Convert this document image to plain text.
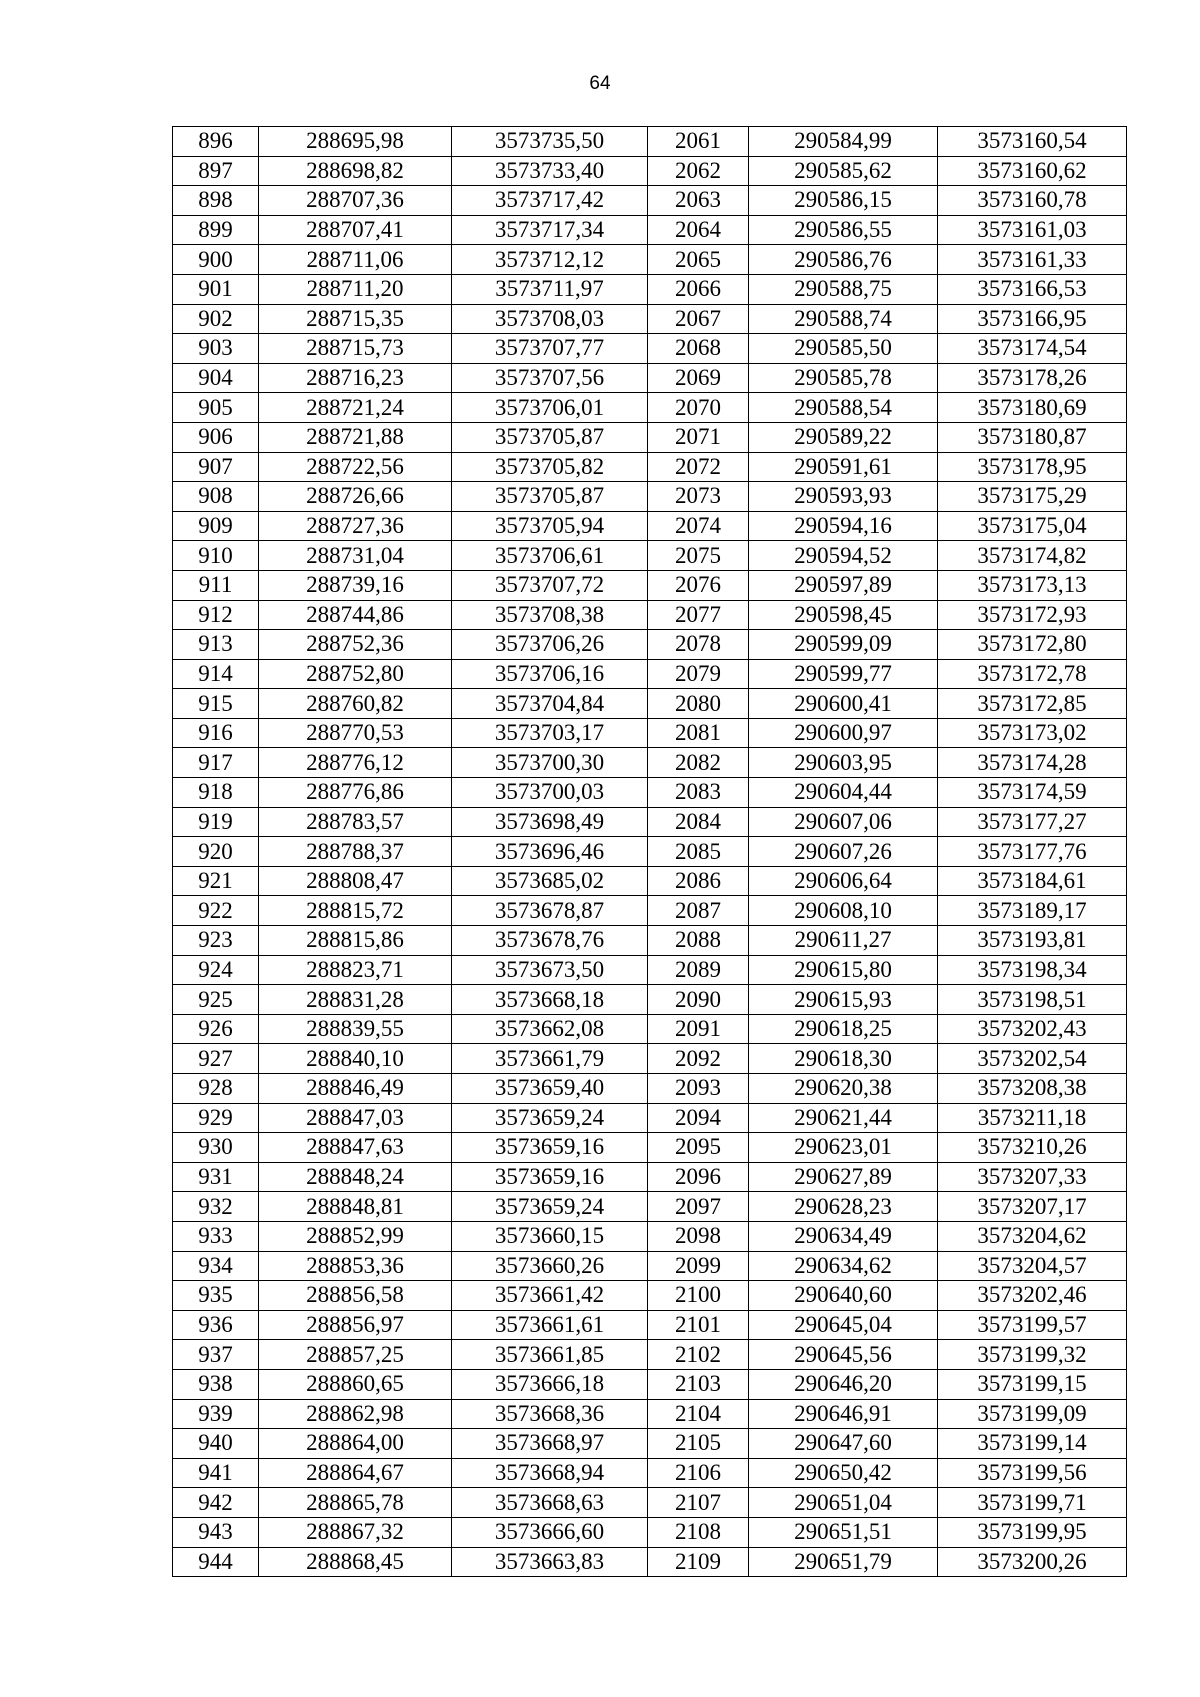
64
896	288695,98	3573735,50	2061	290584,99	3573160,54
897	288698,82	3573733,40	2062	290585,62	3573160,62
898	288707,36	3573717,42	2063	290586,15	3573160,78
899	288707,41	3573717,34	2064	290586,55	3573161,03
900	288711,06	3573712,12	2065	290586,76	3573161,33
901	288711,20	3573711,97	2066	290588,75	3573166,53
902	288715,35	3573708,03	2067	290588,74	3573166,95
903	288715,73	3573707,77	2068	290585,50	3573174,54
904	288716,23	3573707,56	2069	290585,78	3573178,26
905	288721,24	3573706,01	2070	290588,54	3573180,69
906	288721,88	3573705,87	2071	290589,22	3573180,87
907	288722,56	3573705,82	2072	290591,61	3573178,95
908	288726,66	3573705,87	2073	290593,93	3573175,29
909	288727,36	3573705,94	2074	290594,16	3573175,04
910	288731,04	3573706,61	2075	290594,52	3573174,82
911	288739,16	3573707,72	2076	290597,89	3573173,13
912	288744,86	3573708,38	2077	290598,45	3573172,93
913	288752,36	3573706,26	2078	290599,09	3573172,80
914	288752,80	3573706,16	2079	290599,77	3573172,78
915	288760,82	3573704,84	2080	290600,41	3573172,85
916	288770,53	3573703,17	2081	290600,97	3573173,02
917	288776,12	3573700,30	2082	290603,95	3573174,28
918	288776,86	3573700,03	2083	290604,44	3573174,59
919	288783,57	3573698,49	2084	290607,06	3573177,27
920	288788,37	3573696,46	2085	290607,26	3573177,76
921	288808,47	3573685,02	2086	290606,64	3573184,61
922	288815,72	3573678,87	2087	290608,10	3573189,17
923	288815,86	3573678,76	2088	290611,27	3573193,81
924	288823,71	3573673,50	2089	290615,80	3573198,34
925	288831,28	3573668,18	2090	290615,93	3573198,51
926	288839,55	3573662,08	2091	290618,25	3573202,43
927	288840,10	3573661,79	2092	290618,30	3573202,54
928	288846,49	3573659,40	2093	290620,38	3573208,38
929	288847,03	3573659,24	2094	290621,44	3573211,18
930	288847,63	3573659,16	2095	290623,01	3573210,26
931	288848,24	3573659,16	2096	290627,89	3573207,33
932	288848,81	3573659,24	2097	290628,23	3573207,17
933	288852,99	3573660,15	2098	290634,49	3573204,62
934	288853,36	3573660,26	2099	290634,62	3573204,57
935	288856,58	3573661,42	2100	290640,60	3573202,46
936	288856,97	3573661,61	2101	290645,04	3573199,57
937	288857,25	3573661,85	2102	290645,56	3573199,32
938	288860,65	3573666,18	2103	290646,20	3573199,15
939	288862,98	3573668,36	2104	290646,91	3573199,09
940	288864,00	3573668,97	2105	290647,60	3573199,14
941	288864,67	3573668,94	2106	290650,42	3573199,56
942	288865,78	3573668,63	2107	290651,04	3573199,71
943	288867,32	3573666,60	2108	290651,51	3573199,95
944	288868,45	3573663,83	2109	290651,79	3573200,26
